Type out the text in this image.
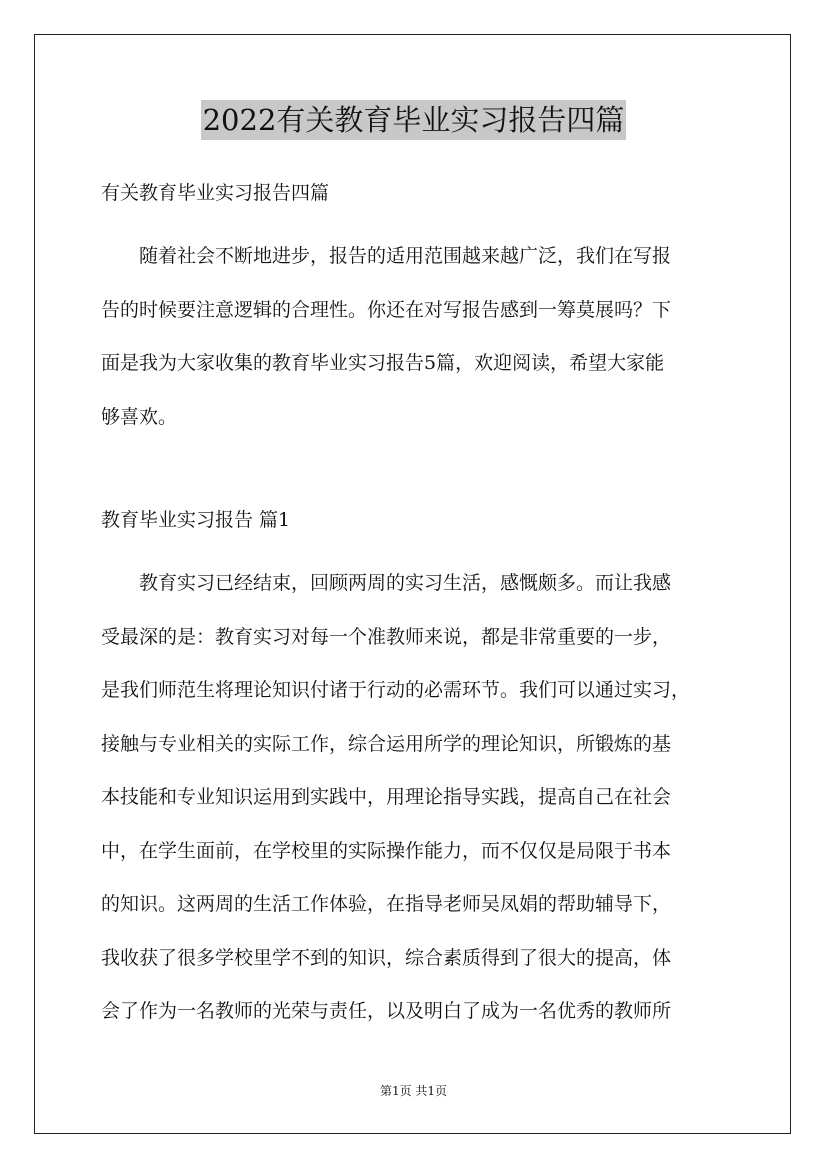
2022有关教育毕业实习报告四篇
有关教育毕业实习报告四篇
随着社会不断地进步，报告的适用范围越来越广泛，我们在写报
告的时候要注意逻辑的合理性。你还在对写报告感到一筹莫展吗？下
面是我为大家收集的教育毕业实习报告5篇，欢迎阅读，希望大家能
够喜欢。
教育毕业实习报告 篇1
教育实习已经结束，回顾两周的实习生活，感慨颇多。而让我感
受最深的是：教育实习对每一个准教师来说，都是非常重要的一步，
是我们师范生将理论知识付诸于行动的必需环节。我们可以通过实习，
接触与专业相关的实际工作，综合运用所学的理论知识，所锻炼的基
本技能和专业知识运用到实践中，用理论指导实践，提高自己在社会
中，在学生面前，在学校里的实际操作能力，而不仅仅是局限于书本
的知识。这两周的生活工作体验，在指导老师吴凤娟的帮助辅导下，
我收获了很多学校里学不到的知识，综合素质得到了很大的提高，体
会了作为一名教师的光荣与责任，以及明白了成为一名优秀的教师所
第1页 共1页
